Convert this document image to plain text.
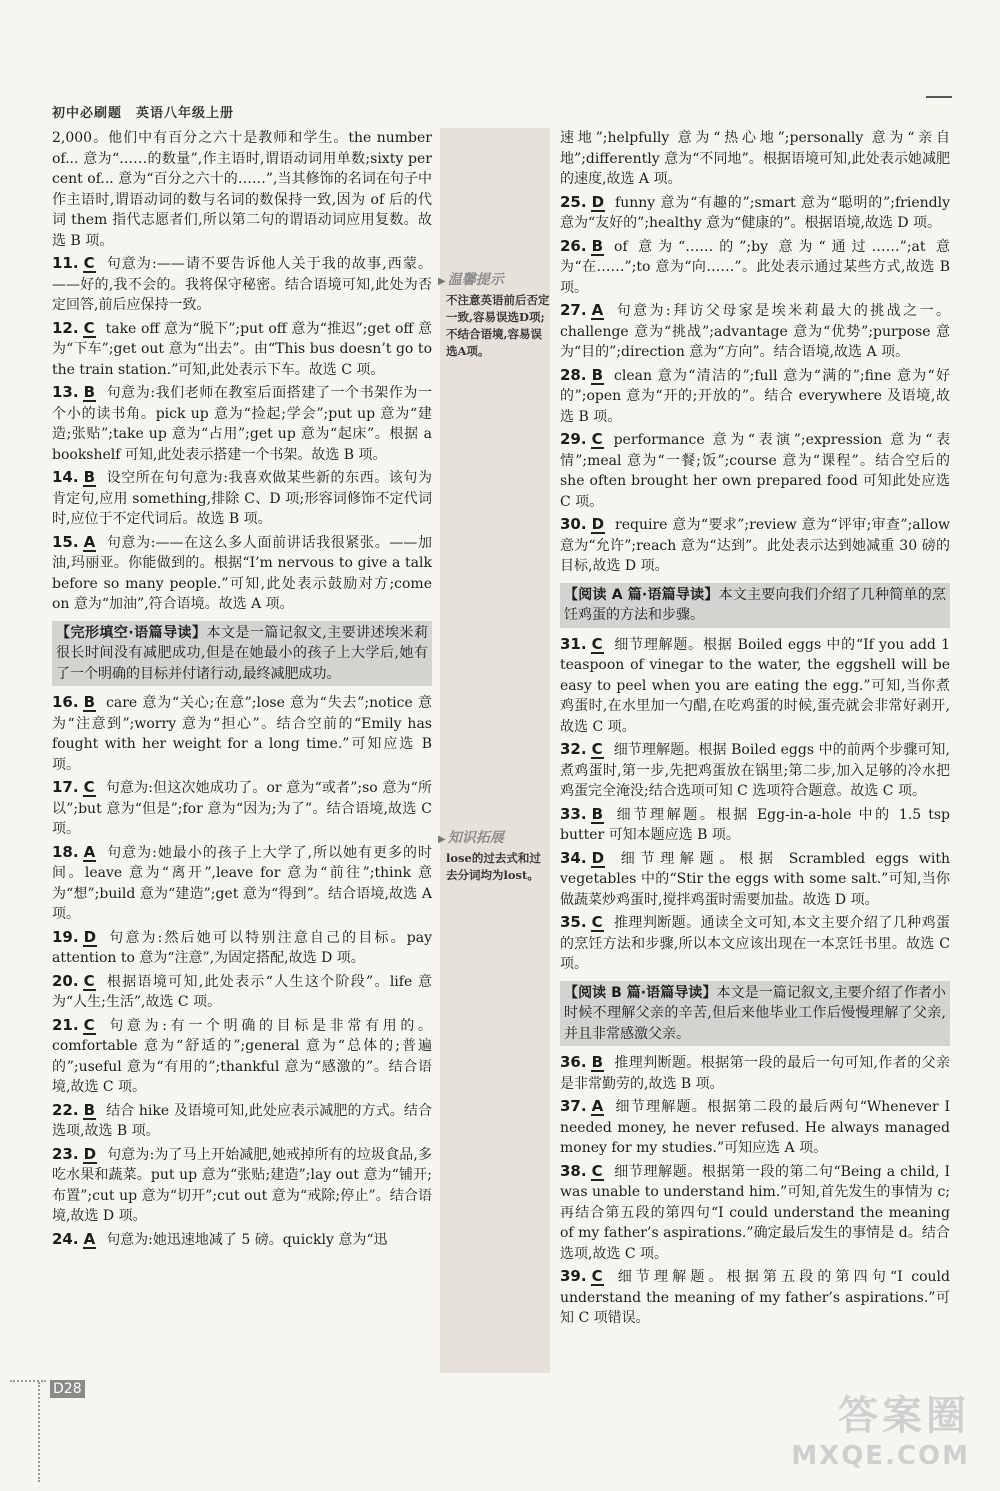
初中必刷题 英语八年级上册
▶ 温馨提示
不注意英语前后否定一致,容易误选D项;不结合语境,容易误选A项。
▶ 知识拓展
lose的过去式和过去分词均为lost。
2,000。他们中有百分之六十是教师和学生。the number of... 意为“……的数量”,作主语时,谓语动词用单数;sixty per cent of... 意为“百分之六十的……”,当其修饰的名词在句子中作主语时,谓语动词的数与名词的数保持一致,因为 of 后的代词 them 指代志愿者们,所以第二句的谓语动词应用复数。故选 B 项。
11. C 句意为:——请不要告诉他人关于我的故事,西蒙。——好的,我不会的。我将保守秘密。结合语境可知,此处为否定回答,前后应保持一致。
12. C take off 意为“脱下”;put off 意为“推迟”;get off 意为“下车”;get out 意为“出去”。由“This bus doesn’t go to the train station.”可知,此处表示下车。故选 C 项。
13. B 句意为:我们老师在教室后面搭建了一个书架作为一个小的读书角。pick up 意为“捡起;学会”;put up 意为“建造;张贴”;take up 意为“占用”;get up 意为“起床”。根据 a bookshelf 可知,此处表示搭建一个书架。故选 B 项。
14. B 设空所在句句意为:我喜欢做某些新的东西。该句为肯定句,应用 something,排除 C、D 项;形容词修饰不定代词时,应位于不定代词后。故选 B 项。
15. A 句意为:——在这么多人面前讲话我很紧张。——加油,玛丽亚。你能做到的。根据“I’m nervous to give a talk before so many people.”可知,此处表示鼓励对方;come on 意为“加油”,符合语境。故选 A 项。
【完形填空·语篇导读】本文是一篇记叙文,主要讲述埃米莉很长时间没有减肥成功,但是在她最小的孩子上大学后,她有了一个明确的目标并付诸行动,最终减肥成功。
16. B care 意为“关心;在意”;lose 意为“失去”;notice 意为“注意到”;worry 意为“担心”。结合空前的“Emily has fought with her weight for a long time.”可知应选 B 项。
17. C 句意为:但这次她成功了。or 意为“或者”;so 意为“所以”;but 意为“但是”;for 意为“因为;为了”。结合语境,故选 C 项。
18. A 句意为:她最小的孩子上大学了,所以她有更多的时间。leave 意为“离开”,leave for 意为“前往”;think 意为“想”;build 意为“建造”;get 意为“得到”。结合语境,故选 A 项。
19. D 句意为:然后她可以特别注意自己的目标。pay attention to 意为“注意”,为固定搭配,故选 D 项。
20. C 根据语境可知,此处表示“人生这个阶段”。life 意为“人生;生活”,故选 C 项。
21. C 句意为:有一个明确的目标是非常有用的。comfortable 意为“舒适的”;general 意为“总体的;普遍的”;useful 意为“有用的”;thankful 意为“感激的”。结合语境,故选 C 项。
22. B 结合 hike 及语境可知,此处应表示减肥的方式。结合选项,故选 B 项。
23. D 句意为:为了马上开始减肥,她戒掉所有的垃圾食品,多吃水果和蔬菜。put up 意为“张贴;建造”;lay out 意为“铺开;布置”;cut up 意为“切开”;cut out 意为“戒除;停止”。结合语境,故选 D 项。
24. A 句意为:她迅速地减了 5 磅。quickly 意为“迅
速地”;helpfully 意为“热心地”;personally 意为“亲自地”;differently 意为“不同地”。根据语境可知,此处表示她减肥的速度,故选 A 项。
25. D funny 意为“有趣的”;smart 意为“聪明的”;friendly 意为“友好的”;healthy 意为“健康的”。根据语境,故选 D 项。
26. B of 意为“……的”;by 意为“通过……”;at 意为“在……”;to 意为“向……”。此处表示通过某些方式,故选 B 项。
27. A 句意为:拜访父母家是埃米莉最大的挑战之一。challenge 意为“挑战”;advantage 意为“优势”;purpose 意为“目的”;direction 意为“方向”。结合语境,故选 A 项。
28. B clean 意为“清洁的”;full 意为“满的”;fine 意为“好的”;open 意为“开的;开放的”。结合 everywhere 及语境,故选 B 项。
29. C performance 意为“表演”;expression 意为“表情”;meal 意为“一餐;饭”;course 意为“课程”。结合空后的 she often brought her own prepared food 可知此处应选 C 项。
30. D require 意为“要求”;review 意为“评审;审查”;allow 意为“允许”;reach 意为“达到”。此处表示达到她减重 30 磅的目标,故选 D 项。
【阅读 A 篇·语篇导读】本文主要向我们介绍了几种简单的烹饪鸡蛋的方法和步骤。
31. C 细节理解题。根据 Boiled eggs 中的“If you add 1 teaspoon of vinegar to the water, the eggshell will be easy to peel when you are eating the egg.”可知,当你煮鸡蛋时,在水里加一勺醋,在吃鸡蛋的时候,蛋壳就会非常好剥开,故选 C 项。
32. C 细节理解题。根据 Boiled eggs 中的前两个步骤可知,煮鸡蛋时,第一步,先把鸡蛋放在锅里;第二步,加入足够的冷水把鸡蛋完全淹没;结合选项可知 C 选项符合题意。故选 C 项。
33. B 细节理解题。根据 Egg-in-a-hole 中的 1.5 tsp butter 可知本题应选 B 项。
34. D 细节理解题。根据 Scrambled eggs with vegetables 中的“Stir the eggs with some salt.”可知,当你做蔬菜炒鸡蛋时,搅拌鸡蛋时需要加盐。故选 D 项。
35. C 推理判断题。通读全文可知,本文主要介绍了几种鸡蛋的烹饪方法和步骤,所以本文应该出现在一本烹饪书里。故选 C 项。
【阅读 B 篇·语篇导读】本文是一篇记叙文,主要介绍了作者小时候不理解父亲的辛苦,但后来他毕业工作后慢慢理解了父亲,并且非常感激父亲。
36. B 推理判断题。根据第一段的最后一句可知,作者的父亲是非常勤劳的,故选 B 项。
37. A 细节理解题。根据第二段的最后两句“Whenever I needed money, he never refused. He always managed money for my studies.”可知应选 A 项。
38. C 细节理解题。根据第一段的第二句“Being a child, I was unable to understand him.”可知,首先发生的事情为 c;再结合第五段的第四句“I could understand the meaning of my father’s aspirations.”确定最后发生的事情是 d。结合选项,故选 C 项。
39. C 细节理解题。根据第五段的第四句“I could understand the meaning of my father’s aspirations.”可知 C 项错误。
D28
答案圈
MXQE.COM
